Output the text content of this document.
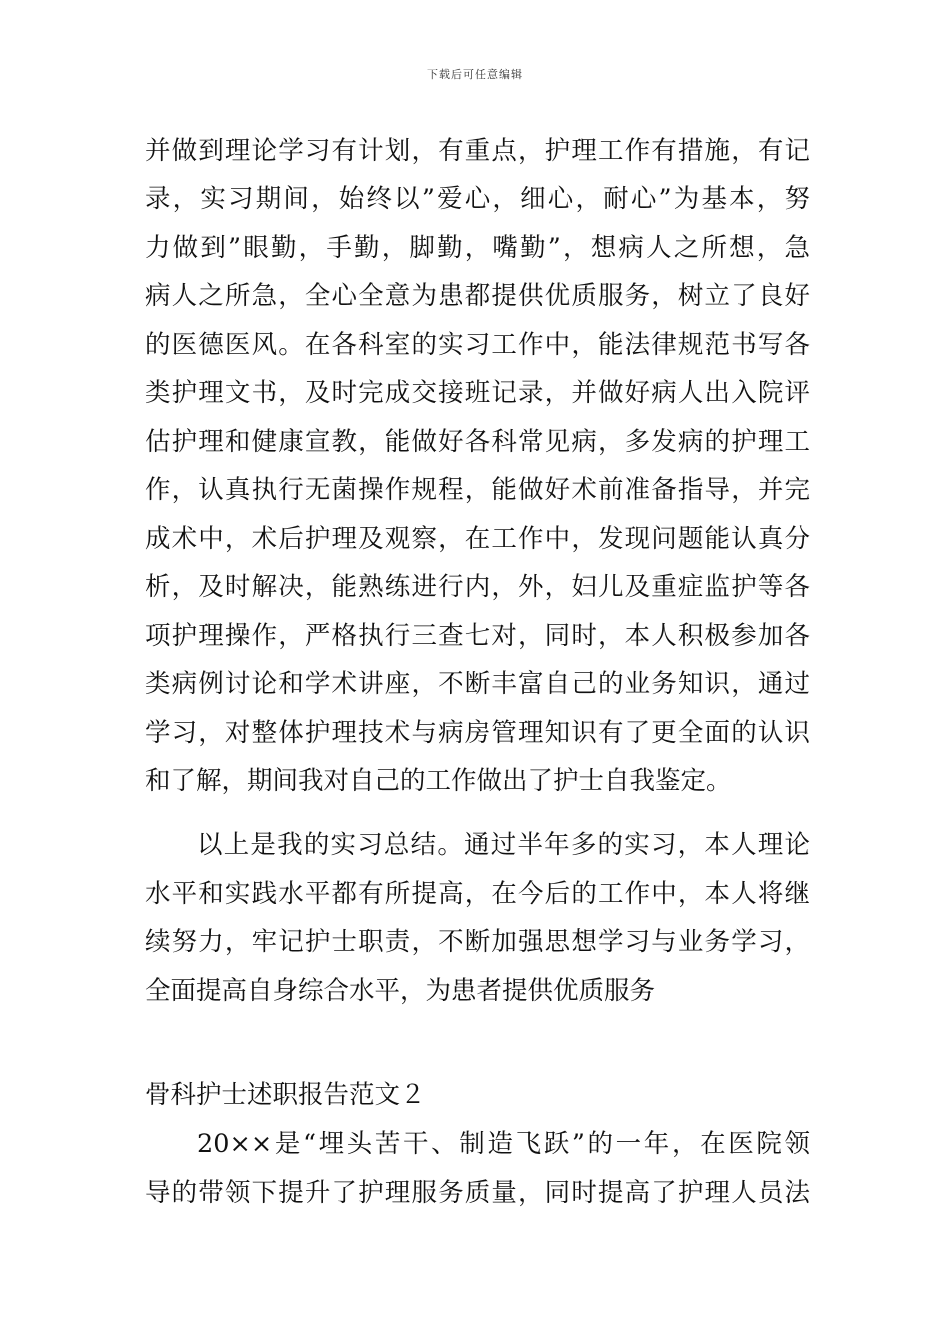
下载后可任意编辑
并做到理论学习有计划，有重点，护理工作有措施，有记
录，实习期间，始终以”爱心，细心，耐心”为基本，努
力做到”眼勤，手勤，脚勤，嘴勤”，想病人之所想，急
病人之所急，全心全意为患都提供优质服务，树立了良好
的医德医风。在各科室的实习工作中，能法律规范书写各
类护理文书，及时完成交接班记录，并做好病人出入院评
估护理和健康宣教，能做好各科常见病，多发病的护理工
作，认真执行无菌操作规程，能做好术前准备指导，并完
成术中，术后护理及观察，在工作中，发现问题能认真分
析，及时解决，能熟练进行内，外，妇儿及重症监护等各
项护理操作，严格执行三查七对，同时，本人积极参加各
类病例讨论和学术讲座，不断丰富自己的业务知识，通过
学习，对整体护理技术与病房管理知识有了更全面的认识
和了解，期间我对自己的工作做出了护士自我鉴定。
以上是我的实习总结。通过半年多的实习，本人理论
水平和实践水平都有所提高，在今后的工作中，本人将继
续努力，牢记护士职责，不断加强思想学习与业务学习，
全面提高自身综合水平，为患者提供优质服务
骨科护士述职报告范文２
20××是“埋头苦干、制造飞跃”的一年，在医院领
导的带领下提升了护理服务质量，同时提高了护理人员法
